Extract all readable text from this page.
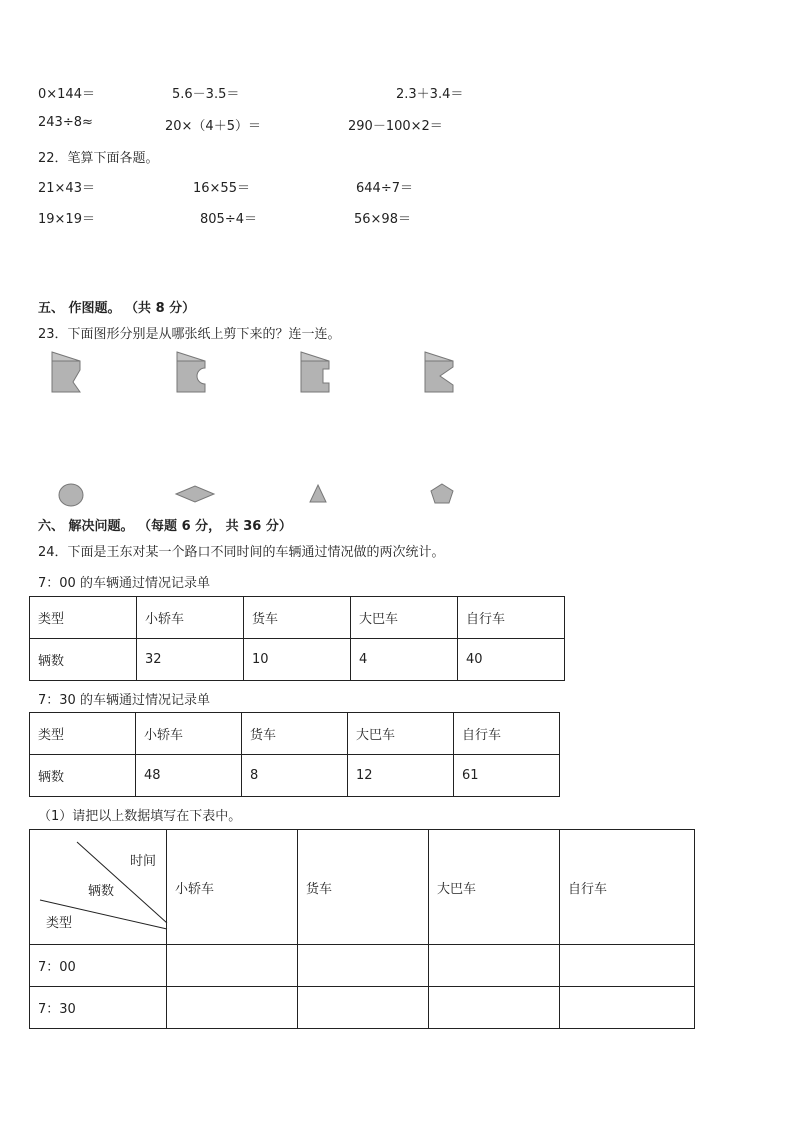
0×144＝	5.6－3.5＝	2.3＋3.4＝
243÷8≈	20×（4＋5）＝	290－100×2＝
22．笔算下面各题。
21×43＝	16×55＝	644÷7＝
19×19＝	805÷4＝	56×98＝
五、 作图题。 （共 8 分）
23．下面图形分别是从哪张纸上剪下来的？连一连。
六、 解决问题。 （每题 6 分， 共 36 分）
24．下面是王东对某一个路口不同时间的车辆通过情况做的两次统计。
7：00 的车辆通过情况记录单
类型	小轿车	货车	大巴车	自行车
辆数	32	10	4	40
7：30 的车辆通过情况记录单
类型	小轿车	货车	大巴车	自行车
辆数	48	8	12	61
（1）请把以上数据填写在下表中。
时间
辆数
类型	小轿车	货车	大巴车	自行车
7：00				
7：30				
